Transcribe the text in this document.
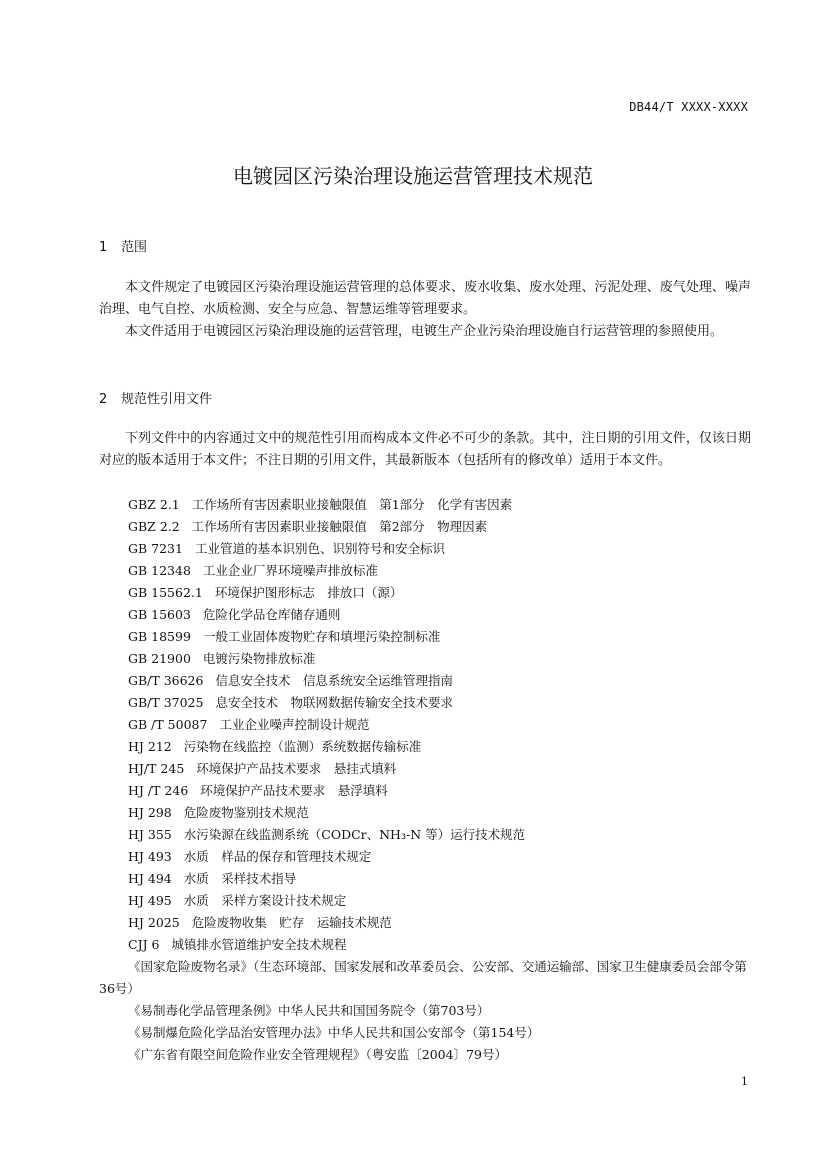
DB44/T XXXX-XXXX
电镀园区污染治理设施运营管理技术规范
1 范围
本文件规定了电镀园区污染治理设施运营管理的总体要求、废水收集、废水处理、污泥处理、废气处理、噪声治理、电气自控、水质检测、安全与应急、智慧运维等管理要求。
本文件适用于电镀园区污染治理设施的运营管理，电镀生产企业污染治理设施自行运营管理的参照使用。
2 规范性引用文件
下列文件中的内容通过文中的规范性引用而构成本文件必不可少的条款。其中，注日期的引用文件，仅该日期对应的版本适用于本文件；不注日期的引用文件，其最新版本（包括所有的修改单）适用于本文件。
GBZ 2.1 工作场所有害因素职业接触限值　第1部分　化学有害因素
GBZ 2.2 工作场所有害因素职业接触限值　第2部分　物理因素
GB 7231 工业管道的基本识别色、识别符号和安全标识
GB 12348 工业企业厂界环境噪声排放标准
GB 15562.1 环境保护图形标志　排放口（源）
GB 15603 危险化学品仓库储存通则
GB 18599 一般工业固体废物贮存和填埋污染控制标准
GB 21900 电镀污染物排放标准
GB/T 36626 信息安全技术　信息系统安全运维管理指南
GB/T 37025 息安全技术　物联网数据传输安全技术要求
GB /T 50087 工业企业噪声控制设计规范
HJ 212 污染物在线监控（监测）系统数据传输标准
HJ/T 245 环境保护产品技术要求　悬挂式填料
HJ /T 246 环境保护产品技术要求　悬浮填料
HJ 298 危险废物鉴别技术规范
HJ 355 水污染源在线监测系统（CODCr、NH₃-N 等）运行技术规范
HJ 493 水质　样品的保存和管理技术规定
HJ 494 水质　采样技术指导
HJ 495 水质　采样方案设计技术规定
HJ 2025 危险废物收集　贮存　运输技术规范
CJJ 6 城镇排水管道维护安全技术规程
《国家危险废物名录》（生态环境部、国家发展和改革委员会、公安部、交通运输部、国家卫生健康委员会部令第36号）
《易制毒化学品管理条例》中华人民共和国国务院令（第703号）
《易制爆危险化学品治安管理办法》中华人民共和国公安部令（第154号）
《广东省有限空间危险作业安全管理规程》（粤安监〔2004〕79号）
1
